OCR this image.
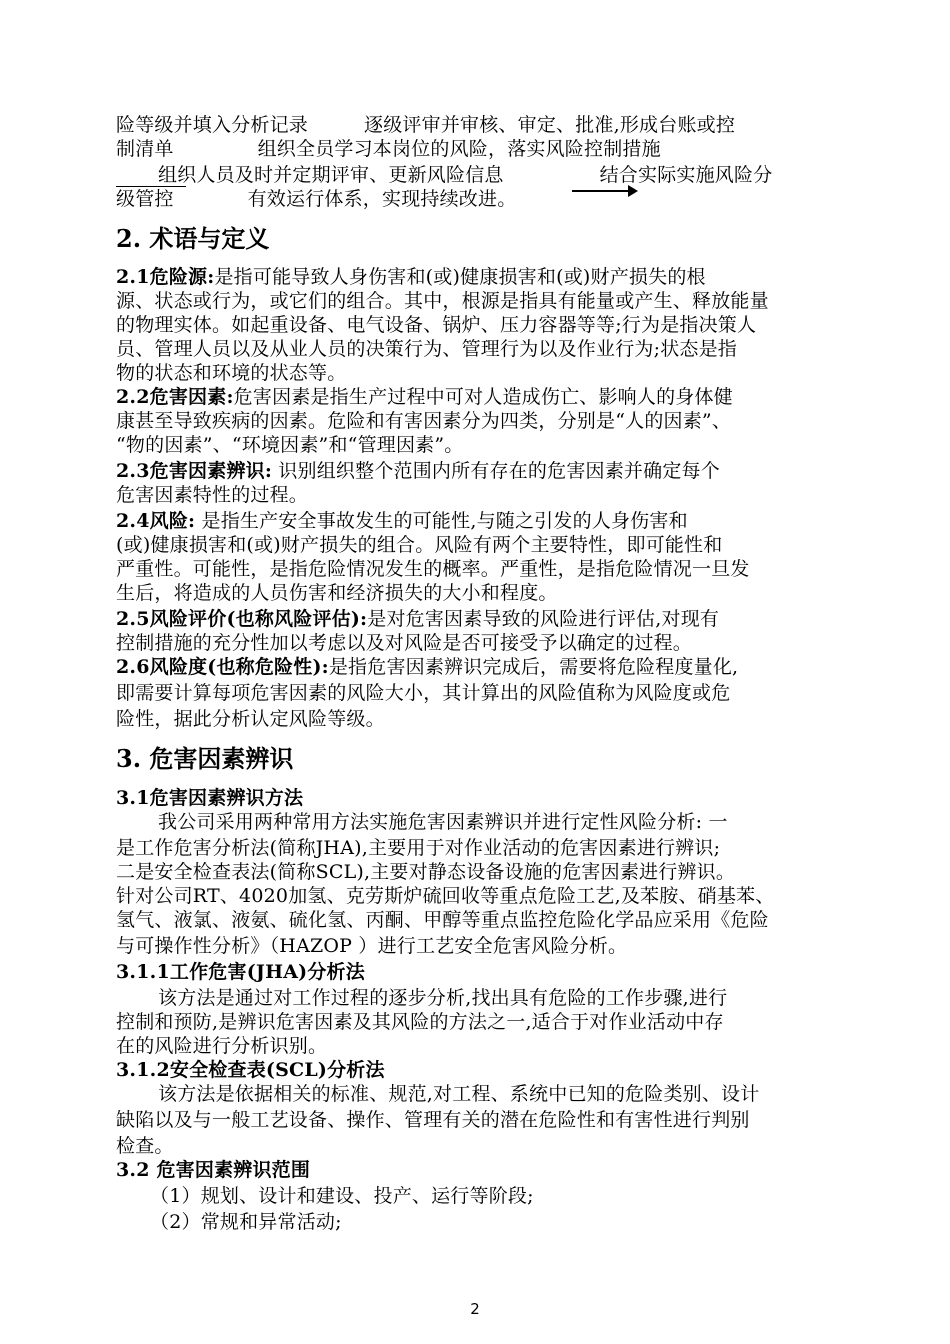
险等级并填入分析记录	逐级评审并审核、审定、批准,形成台账或控
制清单	组织全员学习本岗位的风险，落实风险控制措施
组织人员及时并定期评审、更新风险信息	结合实际实施风险分
级管控	有效运行体系，实现持续改进。
2. 术语与定义
2.1危险源:是指可能导致人身伤害和(或)健康损害和(或)财产损失的根
源、状态或行为，或它们的组合。其中，根源是指具有能量或产生、释放能量
的物理实体。如起重设备、电气设备、锅炉、压力容器等等;行为是指决策人
员、管理人员以及从业人员的决策行为、管理行为以及作业行为;状态是指
物的状态和环境的状态等。
2.2危害因素:危害因素是指生产过程中可对人造成伤亡、影响人的身体健
康甚至导致疾病的因素。危险和有害因素分为四类，分别是“人的因素”、
“物的因素”、“环境因素”和“管理因素”。
2.3危害因素辨识: 识别组织整个范围内所有存在的危害因素并确定每个
危害因素特性的过程。
2.4风险: 是指生产安全事故发生的可能性,与随之引发的人身伤害和
(或)健康损害和(或)财产损失的组合。风险有两个主要特性，即可能性和
严重性。可能性，是指危险情况发生的概率。严重性，是指危险情况一旦发
生后，将造成的人员伤害和经济损失的大小和程度。
2.5风险评价(也称风险评估):是对危害因素导致的风险进行评估,对现有
控制措施的充分性加以考虑以及对风险是否可接受予以确定的过程。
2.6风险度(也称危险性):是指危害因素辨识完成后，需要将危险程度量化,
即需要计算每项危害因素的风险大小，其计算出的风险值称为风险度或危
险性，据此分析认定风险等级。
3. 危害因素辨识
3.1危害因素辨识方法
我公司采用两种常用方法实施危害因素辨识并进行定性风险分析: 一
是工作危害分析法(简称JHA),主要用于对作业活动的危害因素进行辨识;
二是安全检查表法(简称SCL),主要对静态设备设施的危害因素进行辨识。
针对公司RT、4020加氢、克劳斯炉硫回收等重点危险工艺,及苯胺、硝基苯、
氢气、液氯、液氨、硫化氢、丙酮、甲醇等重点监控危险化学品应采用《危险
与可操作性分析》（HAZOP ）进行工艺安全危害风险分析。
3.1.1工作危害(JHA)分析法
该方法是通过对工作过程的逐步分析,找出具有危险的工作步骤,进行
控制和预防,是辨识危害因素及其风险的方法之一,适合于对作业活动中存
在的风险进行分析识别。
3.1.2安全检查表(SCL)分析法
该方法是依据相关的标准、规范,对工程、系统中已知的危险类别、设计
缺陷以及与一般工艺设备、操作、管理有关的潜在危险性和有害性进行判别
检查。
3.2 危害因素辨识范围
（1）规划、设计和建设、投产、运行等阶段;
（2）常规和异常活动;
2
